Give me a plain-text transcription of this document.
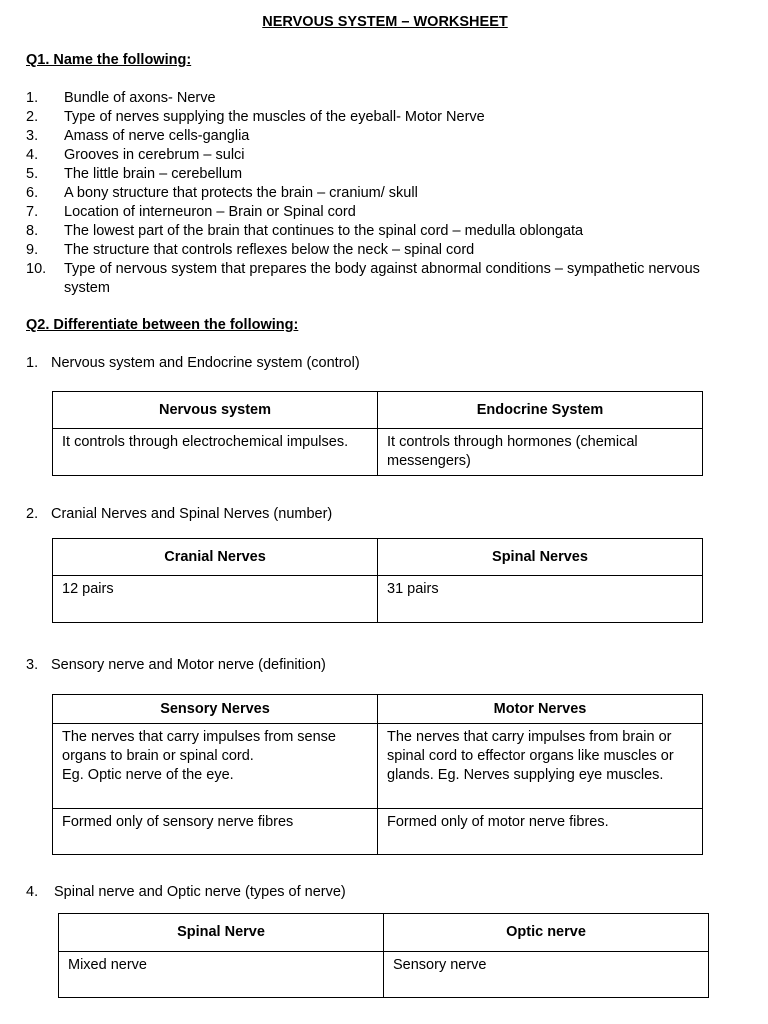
NERVOUS SYSTEM – WORKSHEET
Q1. Name the following:
1.	Bundle of axons- Nerve
2.	Type of nerves supplying the muscles of the eyeball- Motor Nerve
3.	Amass of nerve cells-ganglia
4.	Grooves in cerebrum – sulci
5.	The little brain – cerebellum
6.	A bony structure that protects the brain – cranium/ skull
7.	Location of interneuron – Brain or Spinal cord
8.	The lowest part of the brain that continues to the spinal cord – medulla oblongata
9.	The structure that controls reflexes below the neck – spinal cord
10.	Type of nervous system that prepares the body against abnormal conditions – sympathetic nervous system
Q2. Differentiate between the following:
1. Nervous system and Endocrine system (control)
Nervous system	Endocrine System
It controls through electrochemical impulses.	It controls through hormones (chemical messengers)
2. Cranial Nerves and Spinal Nerves (number)
Cranial Nerves	Spinal Nerves
12 pairs	31 pairs
3. Sensory nerve and Motor nerve (definition)
Sensory Nerves	Motor Nerves
The nerves that carry impulses from sense organs to brain or spinal cord.
Eg. Optic nerve of the eye.	The nerves that carry impulses from brain or spinal cord to effector organs like muscles or glands. Eg. Nerves supplying eye muscles.
Formed only of sensory nerve fibres	Formed only of motor nerve fibres.
4. Spinal nerve and Optic nerve (types of nerve)
Spinal Nerve	Optic nerve
Mixed nerve	Sensory nerve
